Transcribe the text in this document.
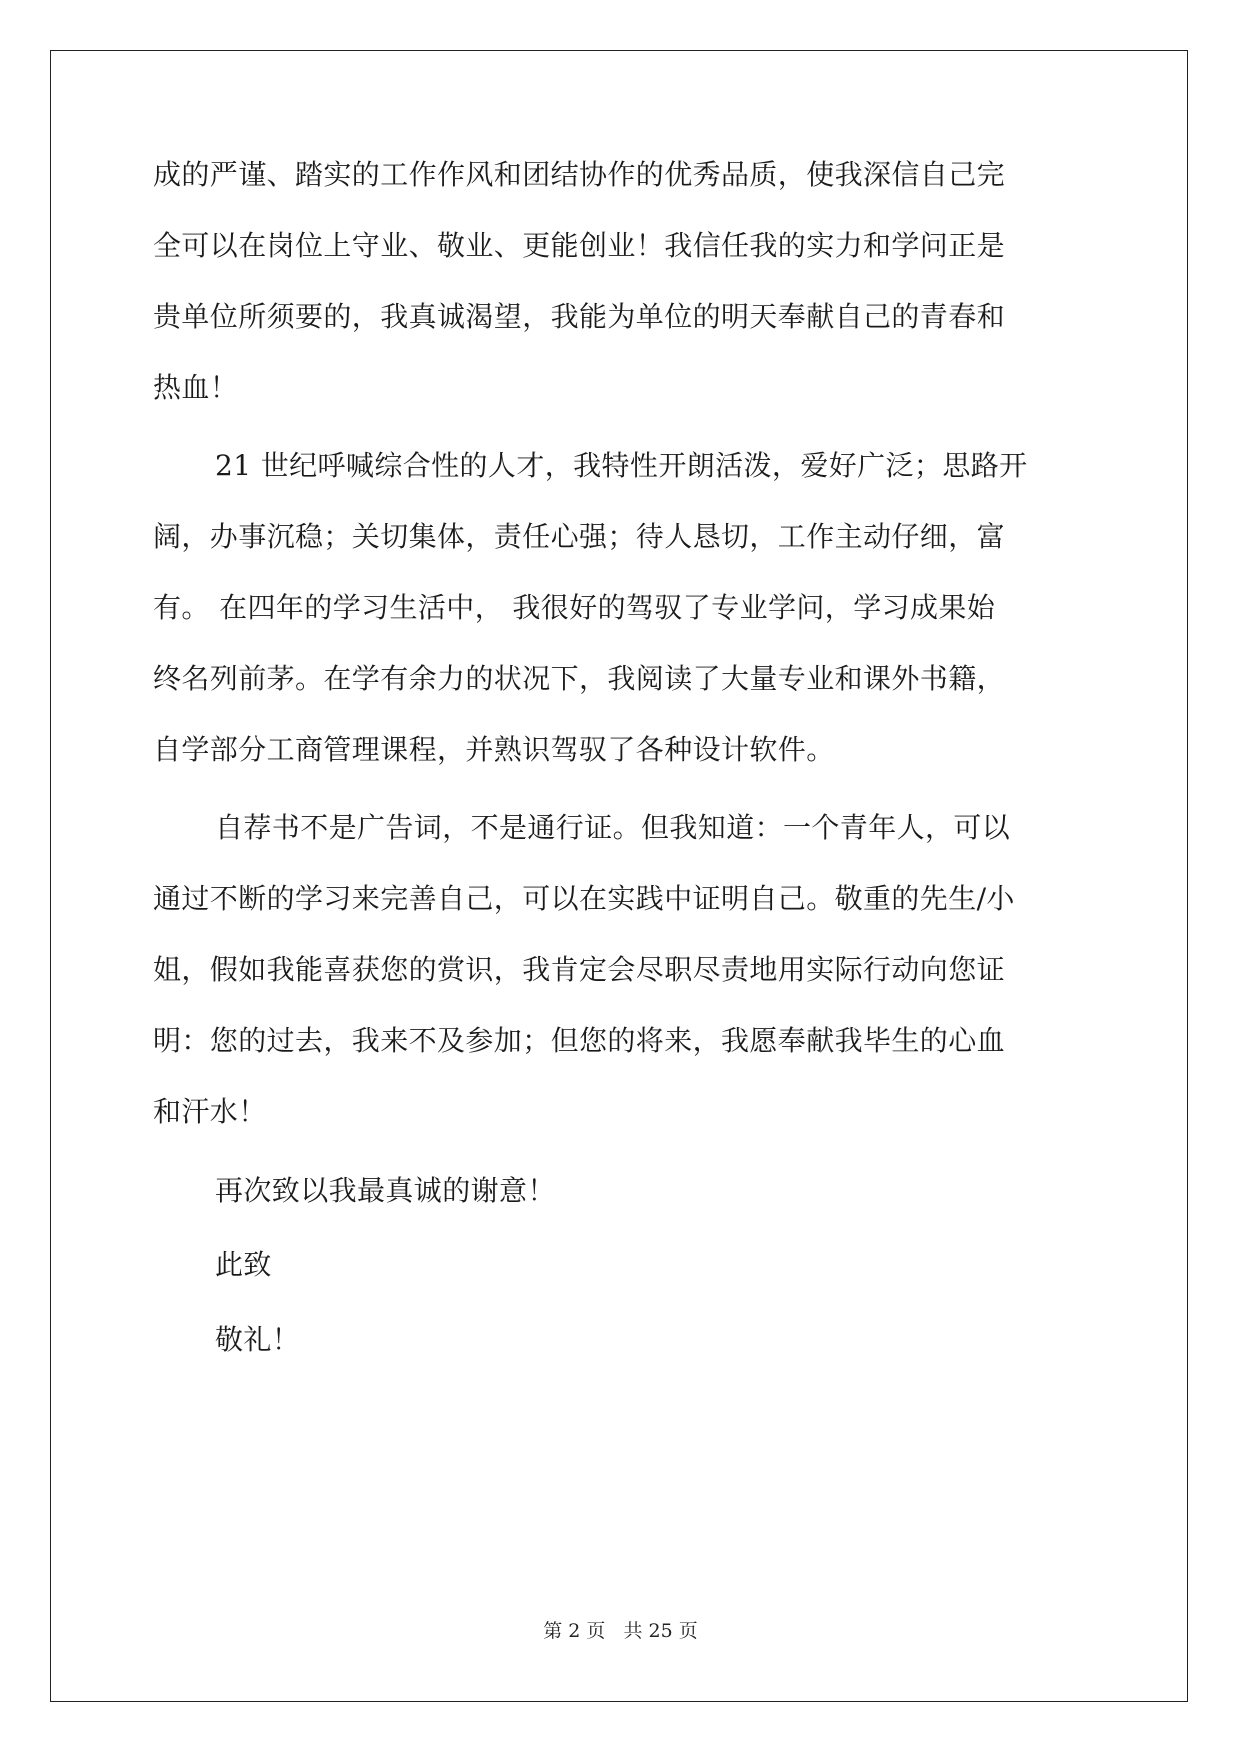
成的严谨、踏实的工作作风和团结协作的优秀品质，使我深信自己完
全可以在岗位上守业、敬业、更能创业！我信任我的实力和学问正是
贵单位所须要的，我真诚渴望，我能为单位的明天奉献自己的青春和
热血！
21 世纪呼喊综合性的人才，我特性开朗活泼，爱好广泛；思路开
阔，办事沉稳；关切集体，责任心强；待人恳切，工作主动仔细，富
有。 在四年的学习生活中， 我很好的驾驭了专业学问，学习成果始
终名列前茅。在学有余力的状况下，我阅读了大量专业和课外书籍，
自学部分工商管理课程，并熟识驾驭了各种设计软件。
自荐书不是广告词，不是通行证。但我知道：一个青年人，可以
通过不断的学习来完善自己，可以在实践中证明自己。敬重的先生/小
姐，假如我能喜获您的赏识，我肯定会尽职尽责地用实际行动向您证
明：您的过去，我来不及参加；但您的将来，我愿奉献我毕生的心血
和汗水！
再次致以我最真诚的谢意！
此致
敬礼！
第 2 页 共 25 页
